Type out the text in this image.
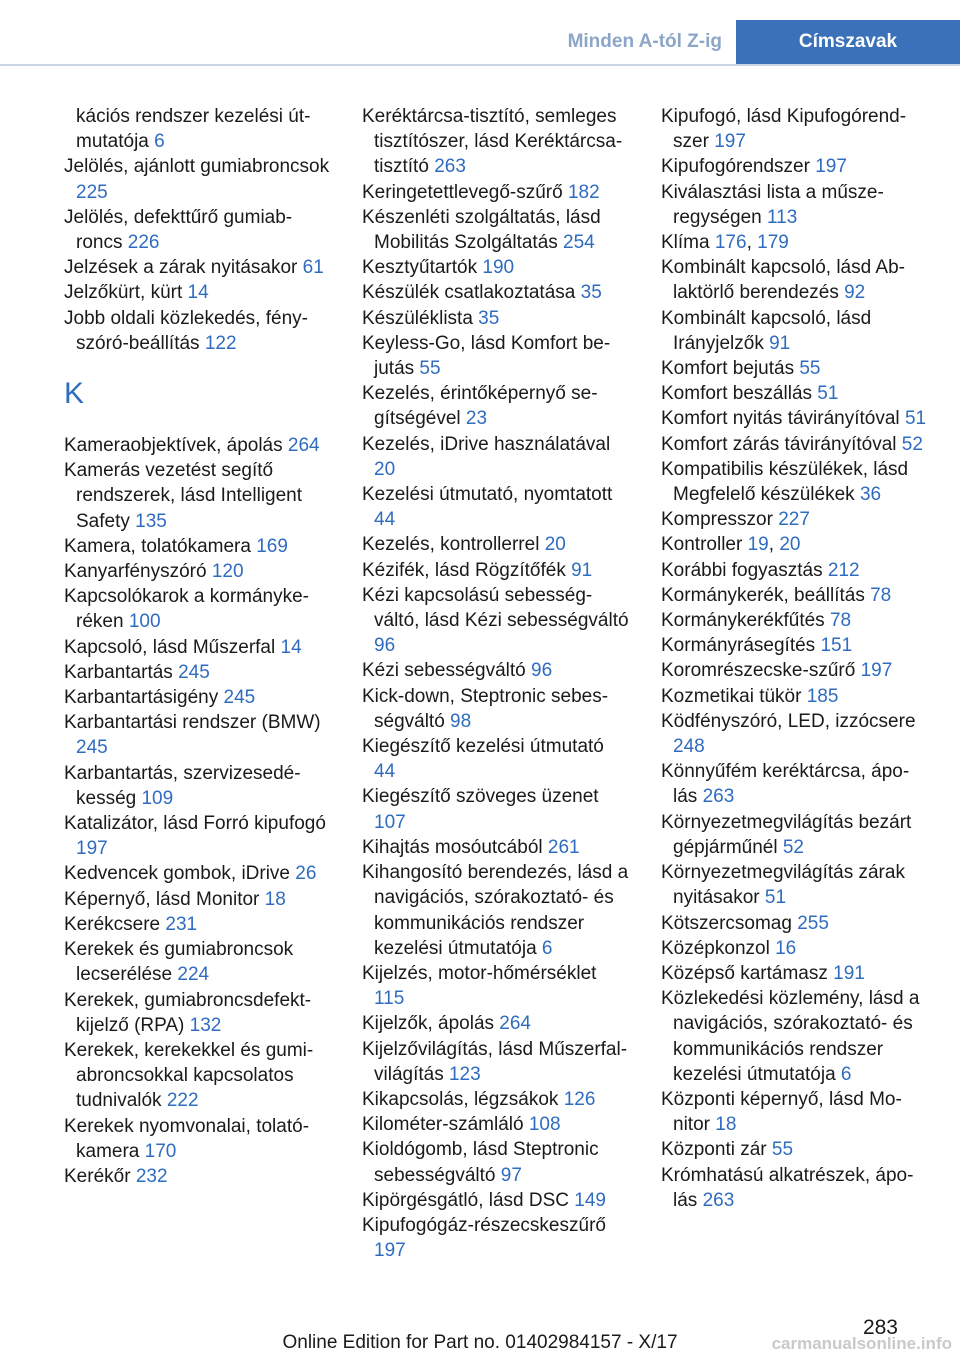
Minden A-tól Z-ig	Címszavak
kációs rendszer kezelési útmutatója 6
Jelölés, ajánlott gumiabroncsok 225
Jelölés, defekttűrő gumiabroncs 226
Jelzések a zárak nyitásakor 61
Jelzőkürt, kürt 14
Jobb oldali közlekedés, fényszóró-beállítás 122
K
Kameraobjektívek, ápolás 264
Kamerás vezetést segítő rendszerek, lásd Intelligent Safety 135
Kamera, tolatókamera 169
Kanyarfényszóró 120
Kapcsolókarok a kormánykeréken 100
Kapcsoló, lásd Műszerfal 14
Karbantartás 245
Karbantartásigény 245
Karbantartási rendszer (BMW) 245
Karbantartás, szervizesedékesség 109
Katalizátor, lásd Forró kipufogó 197
Kedvencek gombok, iDrive 26
Képernyő, lásd Monitor 18
Kerékcsere 231
Kerekek és gumiabroncsok lecserélése 224
Kerekek, gumiabroncsdefektkijelző (RPA) 132
Kerekek, kerekekkel és gumiabroncsokkal kapcsolatos tudnivalók 222
Kerekek nyomvonalai, tolatókamera 170
Kerékőr 232
Keréktárcsa-tisztító, semleges tisztítószer, lásd Keréktárcsa-tisztító 263
Keringetettlevegő-szűrő 182
Készenléti szolgáltatás, lásd Mobilitás Szolgáltatás 254
Kesztyűtartók 190
Készülék csatlakoztatása 35
Készüléklista 35
Keyless-Go, lásd Komfort bejutás 55
Kezelés, érintőképernyő segítségével 23
Kezelés, iDrive használatával 20
Kezelési útmutató, nyomtatott 44
Kezelés, kontrollerrel 20
Kézifék, lásd Rögzítőfék 91
Kézi kapcsolású sebességváltó, lásd Kézi sebességváltó 96
Kézi sebességváltó 96
Kick-down, Steptronic sebességváltó 98
Kiegészítő kezelési útmutató 44
Kiegészítő szöveges üzenet 107
Kihajtás mosóutcából 261
Kihangosító berendezés, lásd a navigációs, szórakoztató- és kommunikációs rendszer kezelési útmutatója 6
Kijelzés, motor-hőmérséklet 115
Kijelzők, ápolás 264
Kijelzővilágítás, lásd Műszerfal-világítás 123
Kikapcsolás, légzsákok 126
Kilométer-számláló 108
Kioldógomb, lásd Steptronic sebességváltó 97
Kipörgésgátló, lásd DSC 149
Kipufogógáz-részecskeszűrő 197
Kipufogó, lásd Kipufogórendszer 197
Kipufogórendszer 197
Kiválasztási lista a műszeregységen 113
Klíma 176, 179
Kombinált kapcsoló, lásd Ablaktörlő berendezés 92
Kombinált kapcsoló, lásd Irányjelzők 91
Komfort bejutás 55
Komfort beszállás 51
Komfort nyitás távirányítóval 51
Komfort zárás távirányítóval 52
Kompatibilis készülékek, lásd Megfelelő készülékek 36
Kompresszor 227
Kontroller 19, 20
Korábbi fogyasztás 212
Kormánykerék, beállítás 78
Kormánykerékfűtés 78
Kormányrásegítés 151
Koromrészecske-szűrő 197
Kozmetikai tükör 185
Ködfényszóró, LED, izzócsere 248
Könnyűfém keréktárcsa, ápolás 263
Környezetmegvilágítás bezárt gépjárműnél 52
Környezetmegvilágítás zárak nyitásakor 51
Kötszercsomag 255
Középkonzol 16
Középső kartámasz 191
Közlekedési közlemény, lásd a navigációs, szórakoztató- és kommunikációs rendszer kezelési útmutatója 6
Központi képernyő, lásd Monitor 18
Központi zár 55
Krómhatású alkatrészek, ápolás 263
283
Online Edition for Part no. 01402984157 - X/17	carmanualsonline.info
